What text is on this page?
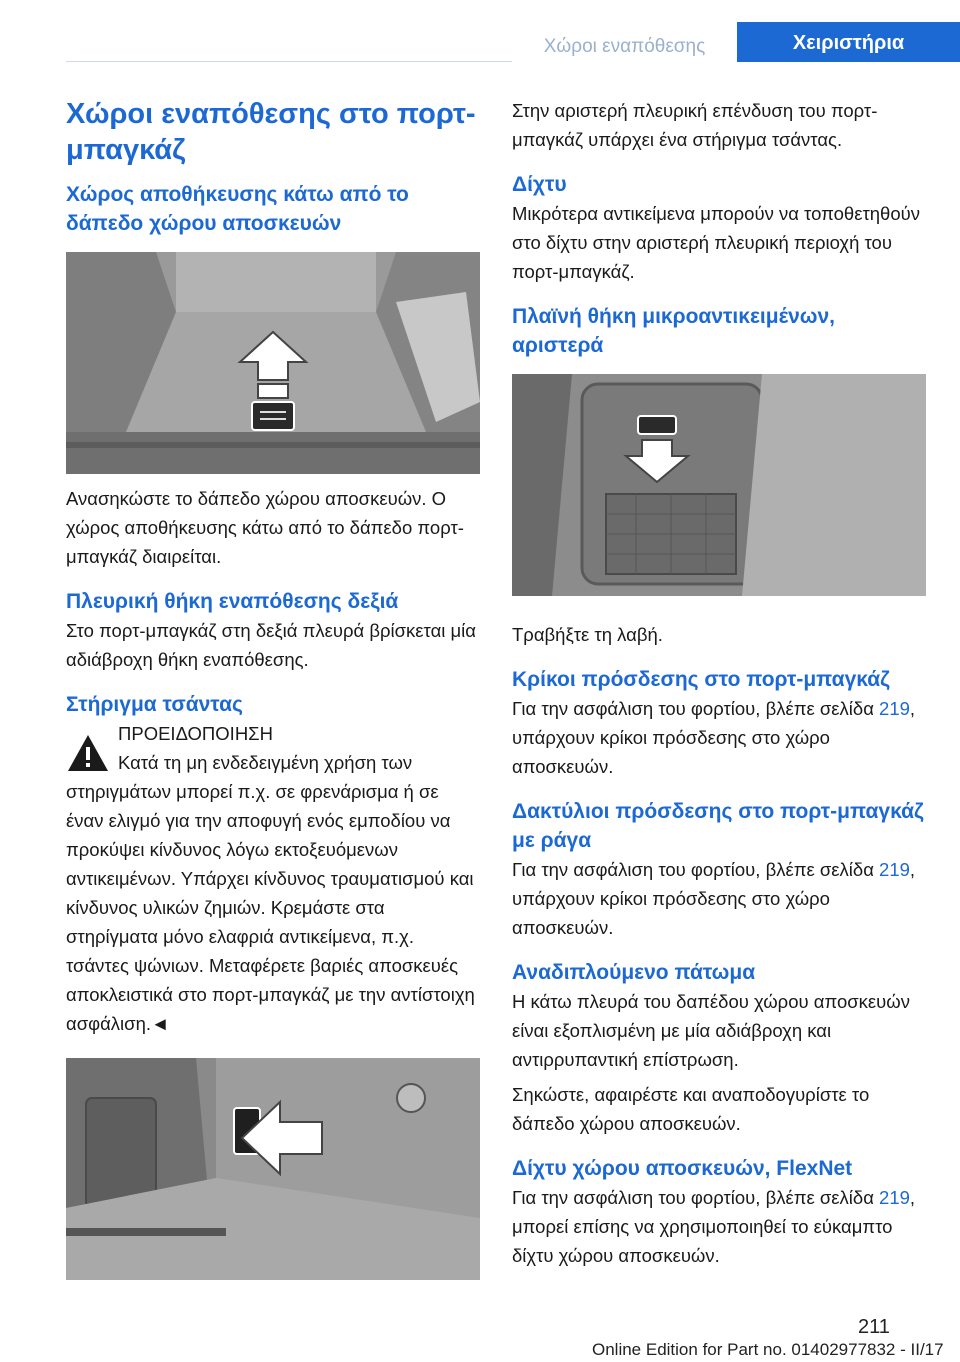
Χώροι εναπόθεσης	Χειριστήρια
Χώροι εναπόθεσης στο πορτ-μπαγκάζ
Χώρος αποθήκευσης κάτω από το δάπεδο χώρου αποσκευών
Ανασηκώστε το δάπεδο χώρου αποσκευών. Ο χώρος αποθήκευσης κάτω από το δάπεδο πορτ-μπαγκάζ διαιρείται.
Πλευρική θήκη εναπόθεσης δεξιά
Στο πορτ-μπαγκάζ στη δεξιά πλευρά βρίσκεται μία αδιάβροχη θήκη εναπόθεσης.
Στήριγμα τσάντας
ΠΡΟΕΙΔΟΠΟΙΗΣΗ
Κατά τη μη ενδεδειγμένη χρήση των στηριγμάτων μπορεί π.χ. σε φρενάρισμα ή σε έναν ελιγμό για την αποφυγή ενός εμποδίου να προκύψει κίνδυνος λόγω εκτοξευόμενων αντικειμένων. Υπάρχει κίνδυνος τραυματισμού και κίνδυνος υλικών ζημιών. Κρεμάστε στα στηρίγματα μόνο ελαφριά αντικείμενα, π.χ. τσάντες ψώνιων. Μεταφέρετε βαριές αποσκευές αποκλειστικά στο πορτ-μπαγκάζ με την αντίστοιχη ασφάλιση.◄
Στην αριστερή πλευρική επένδυση του πορτ-μπαγκάζ υπάρχει ένα στήριγμα τσάντας.
Δίχτυ
Μικρότερα αντικείμενα μπορούν να τοποθετηθούν στο δίχτυ στην αριστερή πλευρική περιοχή του πορτ-μπαγκάζ.
Πλαϊνή θήκη μικροαντικειμένων, αριστερά
Τραβήξτε τη λαβή.
Κρίκοι πρόσδεσης στο πορτ-μπαγκάζ
Για την ασφάλιση του φορτίου, βλέπε σελίδα 219, υπάρχουν κρίκοι πρόσδεσης στο χώρο αποσκευών.
Δακτύλιοι πρόσδεσης στο πορτ-μπαγκάζ με ράγα
Για την ασφάλιση του φορτίου, βλέπε σελίδα 219, υπάρχουν κρίκοι πρόσδεσης στο χώρο αποσκευών.
Αναδιπλούμενο πάτωμα
Η κάτω πλευρά του δαπέδου χώρου αποσκευών είναι εξοπλισμένη με μία αδιάβροχη και αντιρρυπαντική επίστρωση.
Σηκώστε, αφαιρέστε και αναποδογυρίστε το δάπεδο χώρου αποσκευών.
Δίχτυ χώρου αποσκευών, FlexNet
Για την ασφάλιση του φορτίου, βλέπε σελίδα 219, μπορεί επίσης να χρησιμοποιηθεί το εύκαμπτο δίχτυ χώρου αποσκευών.
211
Online Edition for Part no. 01402977832 - II/17
